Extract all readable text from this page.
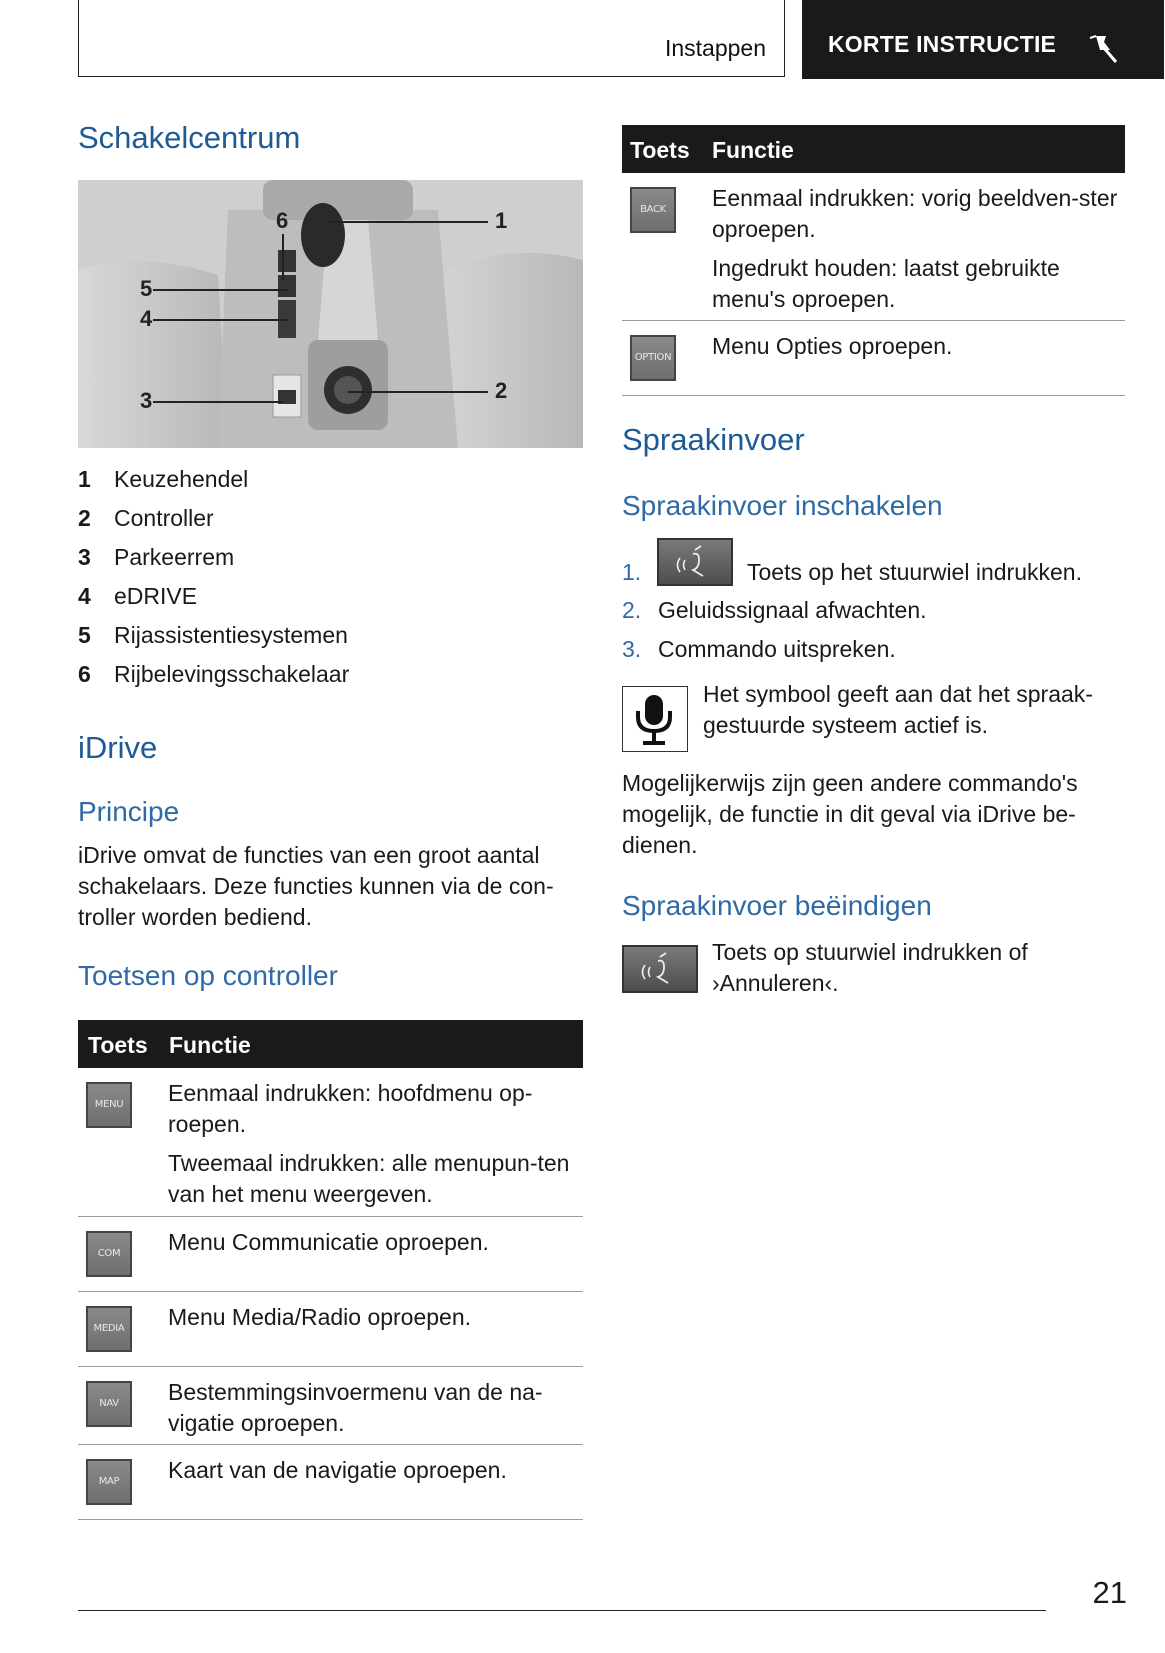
Instappen	KORTE INSTRUCTIE
Schakelcentrum
1
2
3
4
5
6
1 Keuzehendel
2 Controller
3 Parkeerrem
4 eDRIVE
5 Rijassistentiesystemen
6 Rijbelevingsschakelaar
iDrive
Principe
iDrive omvat de functies van een groot aantal schakelaars. Deze functies kunnen via de con-troller worden bediend.
Toetsen op controller
Toets Functie
MENU	Eenmaal indrukken: hoofdmenu op-roepen.

Tweemaal indrukken: alle menupun-ten van het menu weergeven.

COM	Menu Communicatie oproepen.

MEDIA	Menu Media/Radio oproepen.

NAV	Bestemmingsinvoermenu van de na-vigatie oproepen.

MAP	Kaart van de navigatie oproepen.

Toets Functie
BACK	Eenmaal indrukken: vorig beeldven-ster oproepen.

Ingedrukt houden: laatst gebruikte menu's oproepen.

OPTION Menu Opties oproepen.

Spraakinvoer
Spraakinvoer inschakelen
1.	Toets op het stuurwiel indrukken.
2. Geluidssignaal afwachten.
3. Commando uitspreken.
Het symbool geeft aan dat het spraak-gestuurde systeem actief is.
Mogelijkerwijs zijn geen andere commando's mogelijk, de functie in dit geval via iDrive be-dienen.
Spraakinvoer beëindigen
Toets op stuurwiel indrukken of ›Annuleren‹.
21
